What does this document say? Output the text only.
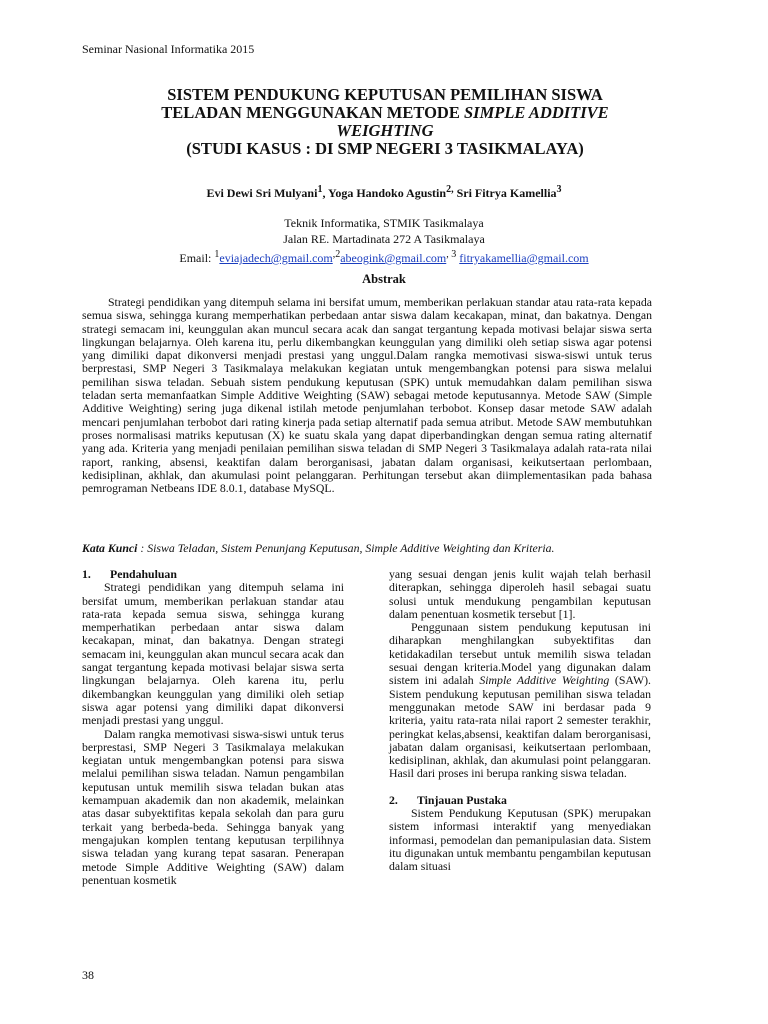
Seminar Nasional Informatika 2015
SISTEM PENDUKUNG KEPUTUSAN PEMILIHAN SISWA
TELADAN MENGGUNAKAN METODE SIMPLE ADDITIVE
WEIGHTING
(STUDI KASUS : DI SMP NEGERI 3 TASIKMALAYA)
Evi Dewi Sri Mulyani$^1$, Yoga Handoko Agustin$^{2,}$ Sri Fitrya Kamellia$^3$
Teknik Informatika, STMIK Tasikmalaya
Jalan RE. Martadinata 272 A Tasikmalaya
Email: $^1$eviajadech@gmail.com$^{,2}$abeogink@gmail.com$^{, 3}$ fitryakamellia@gmail.com
Abstrak
Strategi pendidikan yang ditempuh selama ini bersifat umum, memberikan perlakuan standar atau rata-rata kepada semua siswa, sehingga kurang memperhatikan perbedaan antar siswa dalam kecakapan, minat, dan bakatnya. Dengan strategi semacam ini, keunggulan akan muncul secara acak dan sangat tergantung kepada motivasi belajar siswa serta lingkungan belajarnya. Oleh karena itu, perlu dikembangkan keunggulan yang dimiliki oleh setiap siswa agar potensi yang dimiliki dapat dikonversi menjadi prestasi yang unggul.Dalam rangka memotivasi siswa-siswi untuk terus berprestasi, SMP Negeri 3 Tasikmalaya melakukan kegiatan untuk mengembangkan potensi para siswa melalui pemilihan siswa teladan. Sebuah sistem pendukung keputusan (SPK) untuk memudahkan dalam pemilihan siswa teladan serta memanfaatkan Simple Additive Weighting (SAW) sebagai metode keputusannya. Metode SAW (Simple Additive Weighting) sering juga dikenal istilah metode penjumlahan terbobot. Konsep dasar metode SAW adalah mencari penjumlahan terbobot dari rating kinerja pada setiap alternatif pada semua atribut. Metode SAW membutuhkan proses normalisasi matriks keputusan (X) ke suatu skala yang dapat diperbandingkan dengan semua rating alternatif yang ada. Kriteria yang menjadi penilaian pemilihan siswa teladan di SMP Negeri 3 Tasikmalaya adalah rata-rata nilai raport, ranking, absensi, keaktifan dalam berorganisasi, jabatan dalam organisasi, keikutsertaan perlombaan, kedisiplinan, akhlak, dan akumulasi point pelanggaran. Perhitungan tersebut akan diimplementasikan pada bahasa pemrograman Netbeans IDE 8.0.1, database MySQL.
Kata Kunci : Siswa Teladan, Sistem Penunjang Keputusan, Simple Additive Weighting dan Kriteria.
1. Pendahuluan

Strategi pendidikan yang ditempuh selama ini bersifat umum, memberikan perlakuan standar atau rata-rata kepada semua siswa, sehingga kurang memperhatikan perbedaan antar siswa dalam kecakapan, minat, dan bakatnya. Dengan strategi semacam ini, keunggulan akan muncul secara acak dan sangat tergantung kepada motivasi belajar siswa serta lingkungan belajarnya. Oleh karena itu, perlu dikembangkan keunggulan yang dimiliki oleh setiap siswa agar potensi yang dimiliki dapat dikonversi menjadi prestasi yang unggul.

Dalam rangka memotivasi siswa-siswi untuk terus berprestasi, SMP Negeri 3 Tasikmalaya melakukan kegiatan untuk mengembangkan potensi para siswa melalui pemilihan siswa teladan. Namun pengambilan keputusan untuk memilih siswa teladan bukan atas kemampuan akademik dan non akademik, melainkan atas dasar subyektifitas kepala sekolah dan para guru terkait yang berbeda-beda. Sehingga banyak yang mengajukan komplen tentang keputusan terpilihnya siswa teladan yang kurang tepat sasaran. Penerapan metode Simple Additive Weighting (SAW) dalam penentuan kosmetik

yang sesuai dengan jenis kulit wajah telah berhasil diterapkan, sehingga diperoleh hasil sebagai suatu solusi untuk mendukung pengambilan keputusan dalam penentuan kosmetik tersebut [1].

Penggunaan sistem pendukung keputusan ini diharapkan menghilangkan subyektifitas dan ketidakadilan tersebut untuk memilih siswa teladan sesuai dengan kriteria.Model yang digunakan dalam sistem ini adalah Simple Additive Weighting (SAW). Sistem pendukung keputusan pemilihan siswa teladan menggunakan metode SAW ini berdasar pada 9 kriteria, yaitu rata-rata nilai raport 2 semester terakhir, peringkat kelas,absensi, keaktifan dalam berorganisasi, jabatan dalam organisasi, keikutsertaan perlombaan, kedisiplinan, akhlak, dan akumulasi point pelanggaran. Hasil dari proses ini berupa ranking siswa teladan.

2. Tinjauan Pustaka

Sistem Pendukung Keputusan (SPK) merupakan sistem informasi interaktif yang menyediakan informasi, pemodelan dan pemanipulasian data. Sistem itu digunakan untuk membantu pengambilan keputusan dalam situasi

38
